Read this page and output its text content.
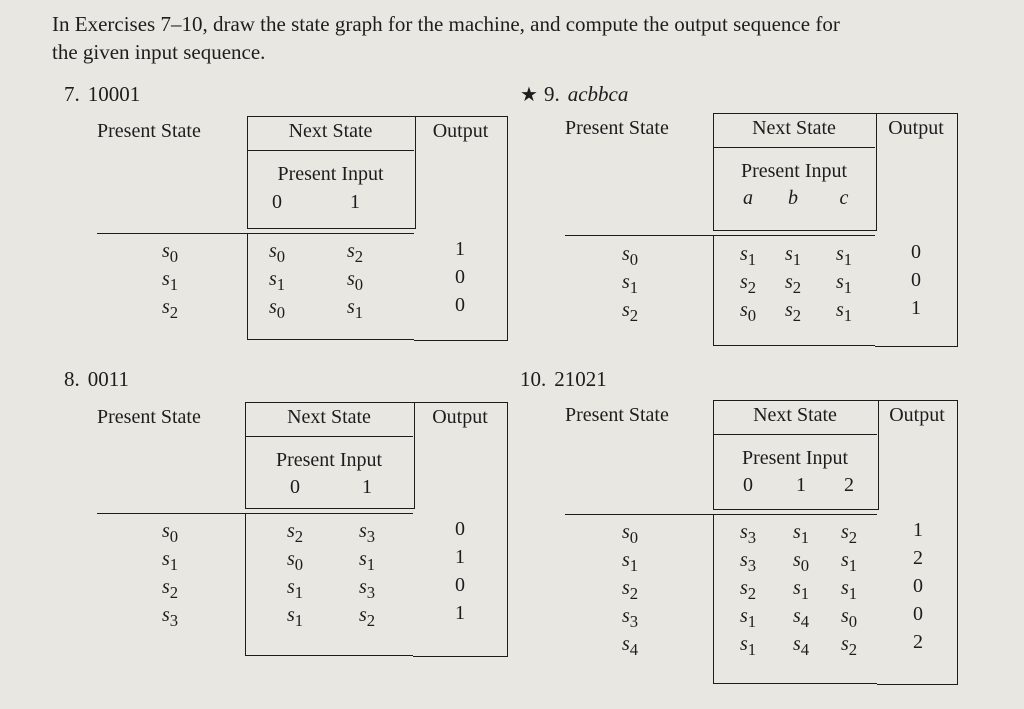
In Exercises 7–10, draw the state graph for the machine, and compute the output sequence for
the given input sequence.
7. 10001	★ 9. acbbca
8. 0011	10. 21021
Present State	Next State
Present Input
0	1
Output
$s_0$	$s_0$	$s_2$	1
$s_1$	$s_1$	$s_0$	0
$s_2$	$s_0$	$s_1$	0
Present State	Next State
Present Input
a	b	c
Output
$s_0$	$s_1$	$s_1$	$s_1$	0
$s_1$	$s_2$	$s_2$	$s_1$	0
$s_2$	$s_0$	$s_2$	$s_1$	1
Present State	Next State
Present Input
0	1
Output
$s_0$	$s_2$	$s_3$	0
$s_1$	$s_0$	$s_1$	1
$s_2$	$s_1$	$s_3$	0
$s_3$	$s_1$	$s_2$	1
Present State	Next State
Present Input
0	1	2
Output
$s_0$	$s_3$	$s_1$	$s_2$	1
$s_1$	$s_3$	$s_0$	$s_1$	2
$s_2$	$s_2$	$s_1$	$s_1$	0
$s_3$	$s_1$	$s_4$	$s_0$	0
$s_4$	$s_1$	$s_4$	$s_2$	2
